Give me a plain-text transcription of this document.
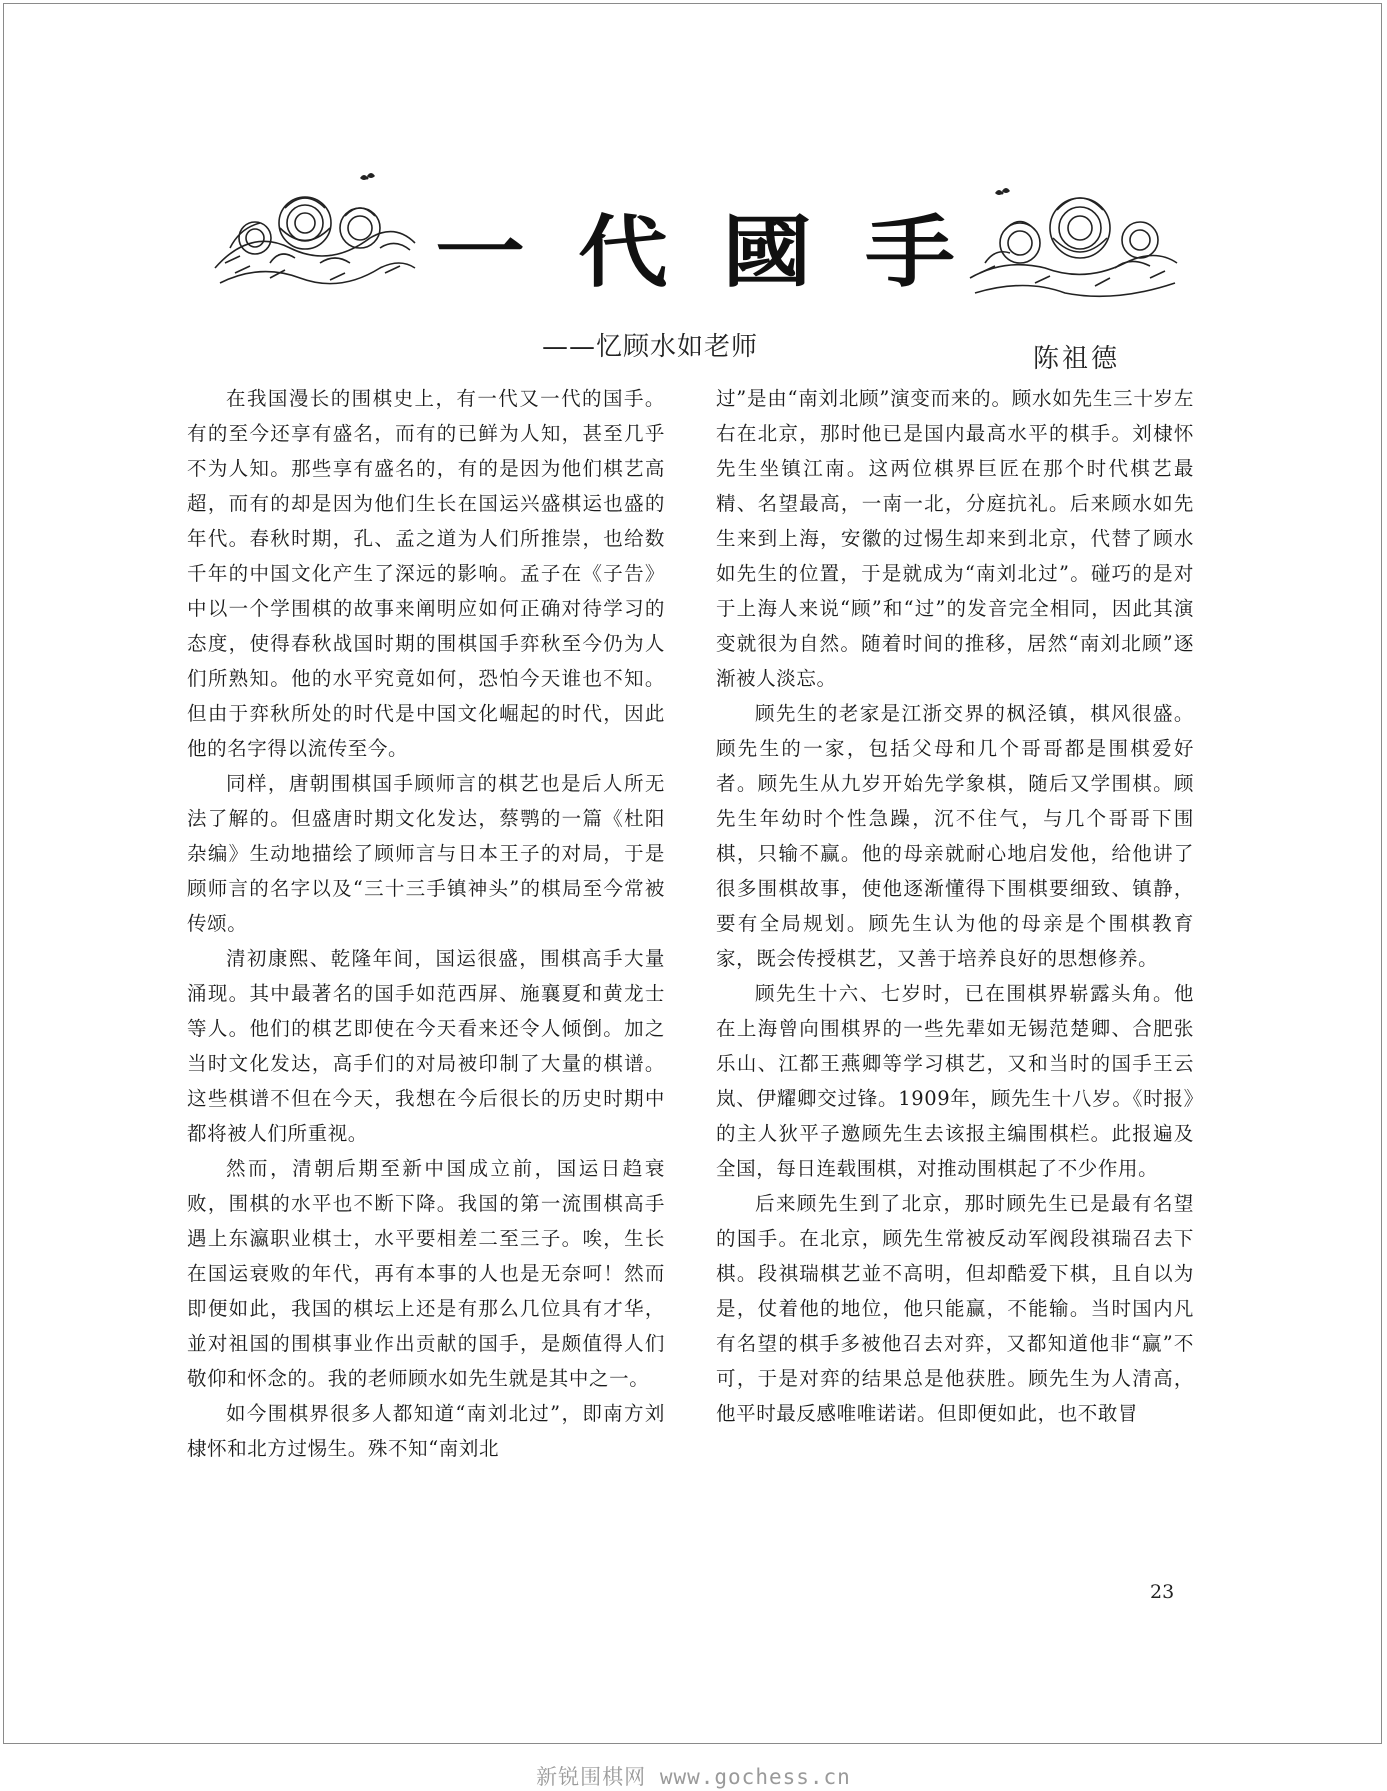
一 代 國 手
——忆顾水如老师	陈祖德

在我国漫长的围棋史上，有一代又一代的国手。有的至今还享有盛名，而有的已鲜为人知，甚至几乎不为人知。那些享有盛名的，有的是因为他们棋艺高超，而有的却是因为他们生长在国运兴盛棋运也盛的年代。春秋时期，孔、孟之道为人们所推崇，也给数千年的中国文化产生了深远的影响。孟子在《子告》中以一个学围棋的故事来阐明应如何正确对待学习的态度，使得春秋战国时期的围棋国手弈秋至今仍为人们所熟知。他的水平究竟如何，恐怕今天谁也不知。但由于弈秋所处的时代是中国文化崛起的时代，因此他的名字得以流传至今。

同样，唐朝围棋国手顾师言的棋艺也是后人所无法了解的。但盛唐时期文化发达，蔡鹗的一篇《杜阳杂编》生动地描绘了顾师言与日本王子的对局，于是顾师言的名字以及“三十三手镇神头”的棋局至今常被传颂。

清初康熙、乾隆年间，国运很盛，围棋高手大量涌现。其中最著名的国手如范西屏、施襄夏和黄龙士等人。他们的棋艺即使在今天看来还令人倾倒。加之当时文化发达，高手们的对局被印制了大量的棋谱。这些棋谱不但在今天，我想在今后很长的历史时期中都将被人们所重视。

然而，清朝后期至新中国成立前，国运日趋衰败，围棋的水平也不断下降。我国的第一流围棋高手遇上东瀛职业棋士，水平要相差二至三子。唉，生长在国运衰败的年代，再有本事的人也是无奈呵！然而即便如此，我国的棋坛上还是有那么几位具有才华，並对祖国的围棋事业作出贡献的国手，是颇值得人们敬仰和怀念的。我的老师顾水如先生就是其中之一。

如今围棋界很多人都知道“南刘北过”，即南方刘棣怀和北方过惕生。殊不知“南刘北

过”是由“南刘北顾”演变而来的。顾水如先生三十岁左右在北京，那时他已是国内最高水平的棋手。刘棣怀先生坐镇江南。这两位棋界巨匠在那个时代棋艺最精、名望最高，一南一北，分庭抗礼。后来顾水如先生来到上海，安徽的过惕生却来到北京，代替了顾水如先生的位置，于是就成为“南刘北过”。碰巧的是对于上海人来说“顾”和“过”的发音完全相同，因此其演变就很为自然。随着时间的推移，居然“南刘北顾”逐渐被人淡忘。

顾先生的老家是江浙交界的枫泾镇，棋风很盛。顾先生的一家，包括父母和几个哥哥都是围棋爱好者。顾先生从九岁开始先学象棋，随后又学围棋。顾先生年幼时个性急躁，沉不住气，与几个哥哥下围棋，只输不赢。他的母亲就耐心地启发他，给他讲了很多围棋故事，使他逐渐懂得下围棋要细致、镇静，要有全局规划。顾先生认为他的母亲是个围棋教育家，既会传授棋艺，又善于培养良好的思想修养。

顾先生十六、七岁时，已在围棋界崭露头角。他在上海曾向围棋界的一些先辈如无锡范楚卿、合肥张乐山、江都王燕卿等学习棋艺，又和当时的国手王云岚、伊耀卿交过锋。1909年，顾先生十八岁。《时报》的主人狄平子邀顾先生去该报主编围棋栏。此报遍及全国，每日连载围棋，对推动围棋起了不少作用。

后来顾先生到了北京，那时顾先生已是最有名望的国手。在北京，顾先生常被反动军阀段祺瑞召去下棋。段祺瑞棋艺並不高明，但却酷爱下棋，且自以为是，仗着他的地位，他只能赢，不能输。当时国内凡有名望的棋手多被他召去对弈，又都知道他非“赢”不可，于是对弈的结果总是他获胜。顾先生为人清高，他平时最反感唯唯诺诺。但即便如此，也不敢冒

23
新锐围棋网 www.gochess.cn
